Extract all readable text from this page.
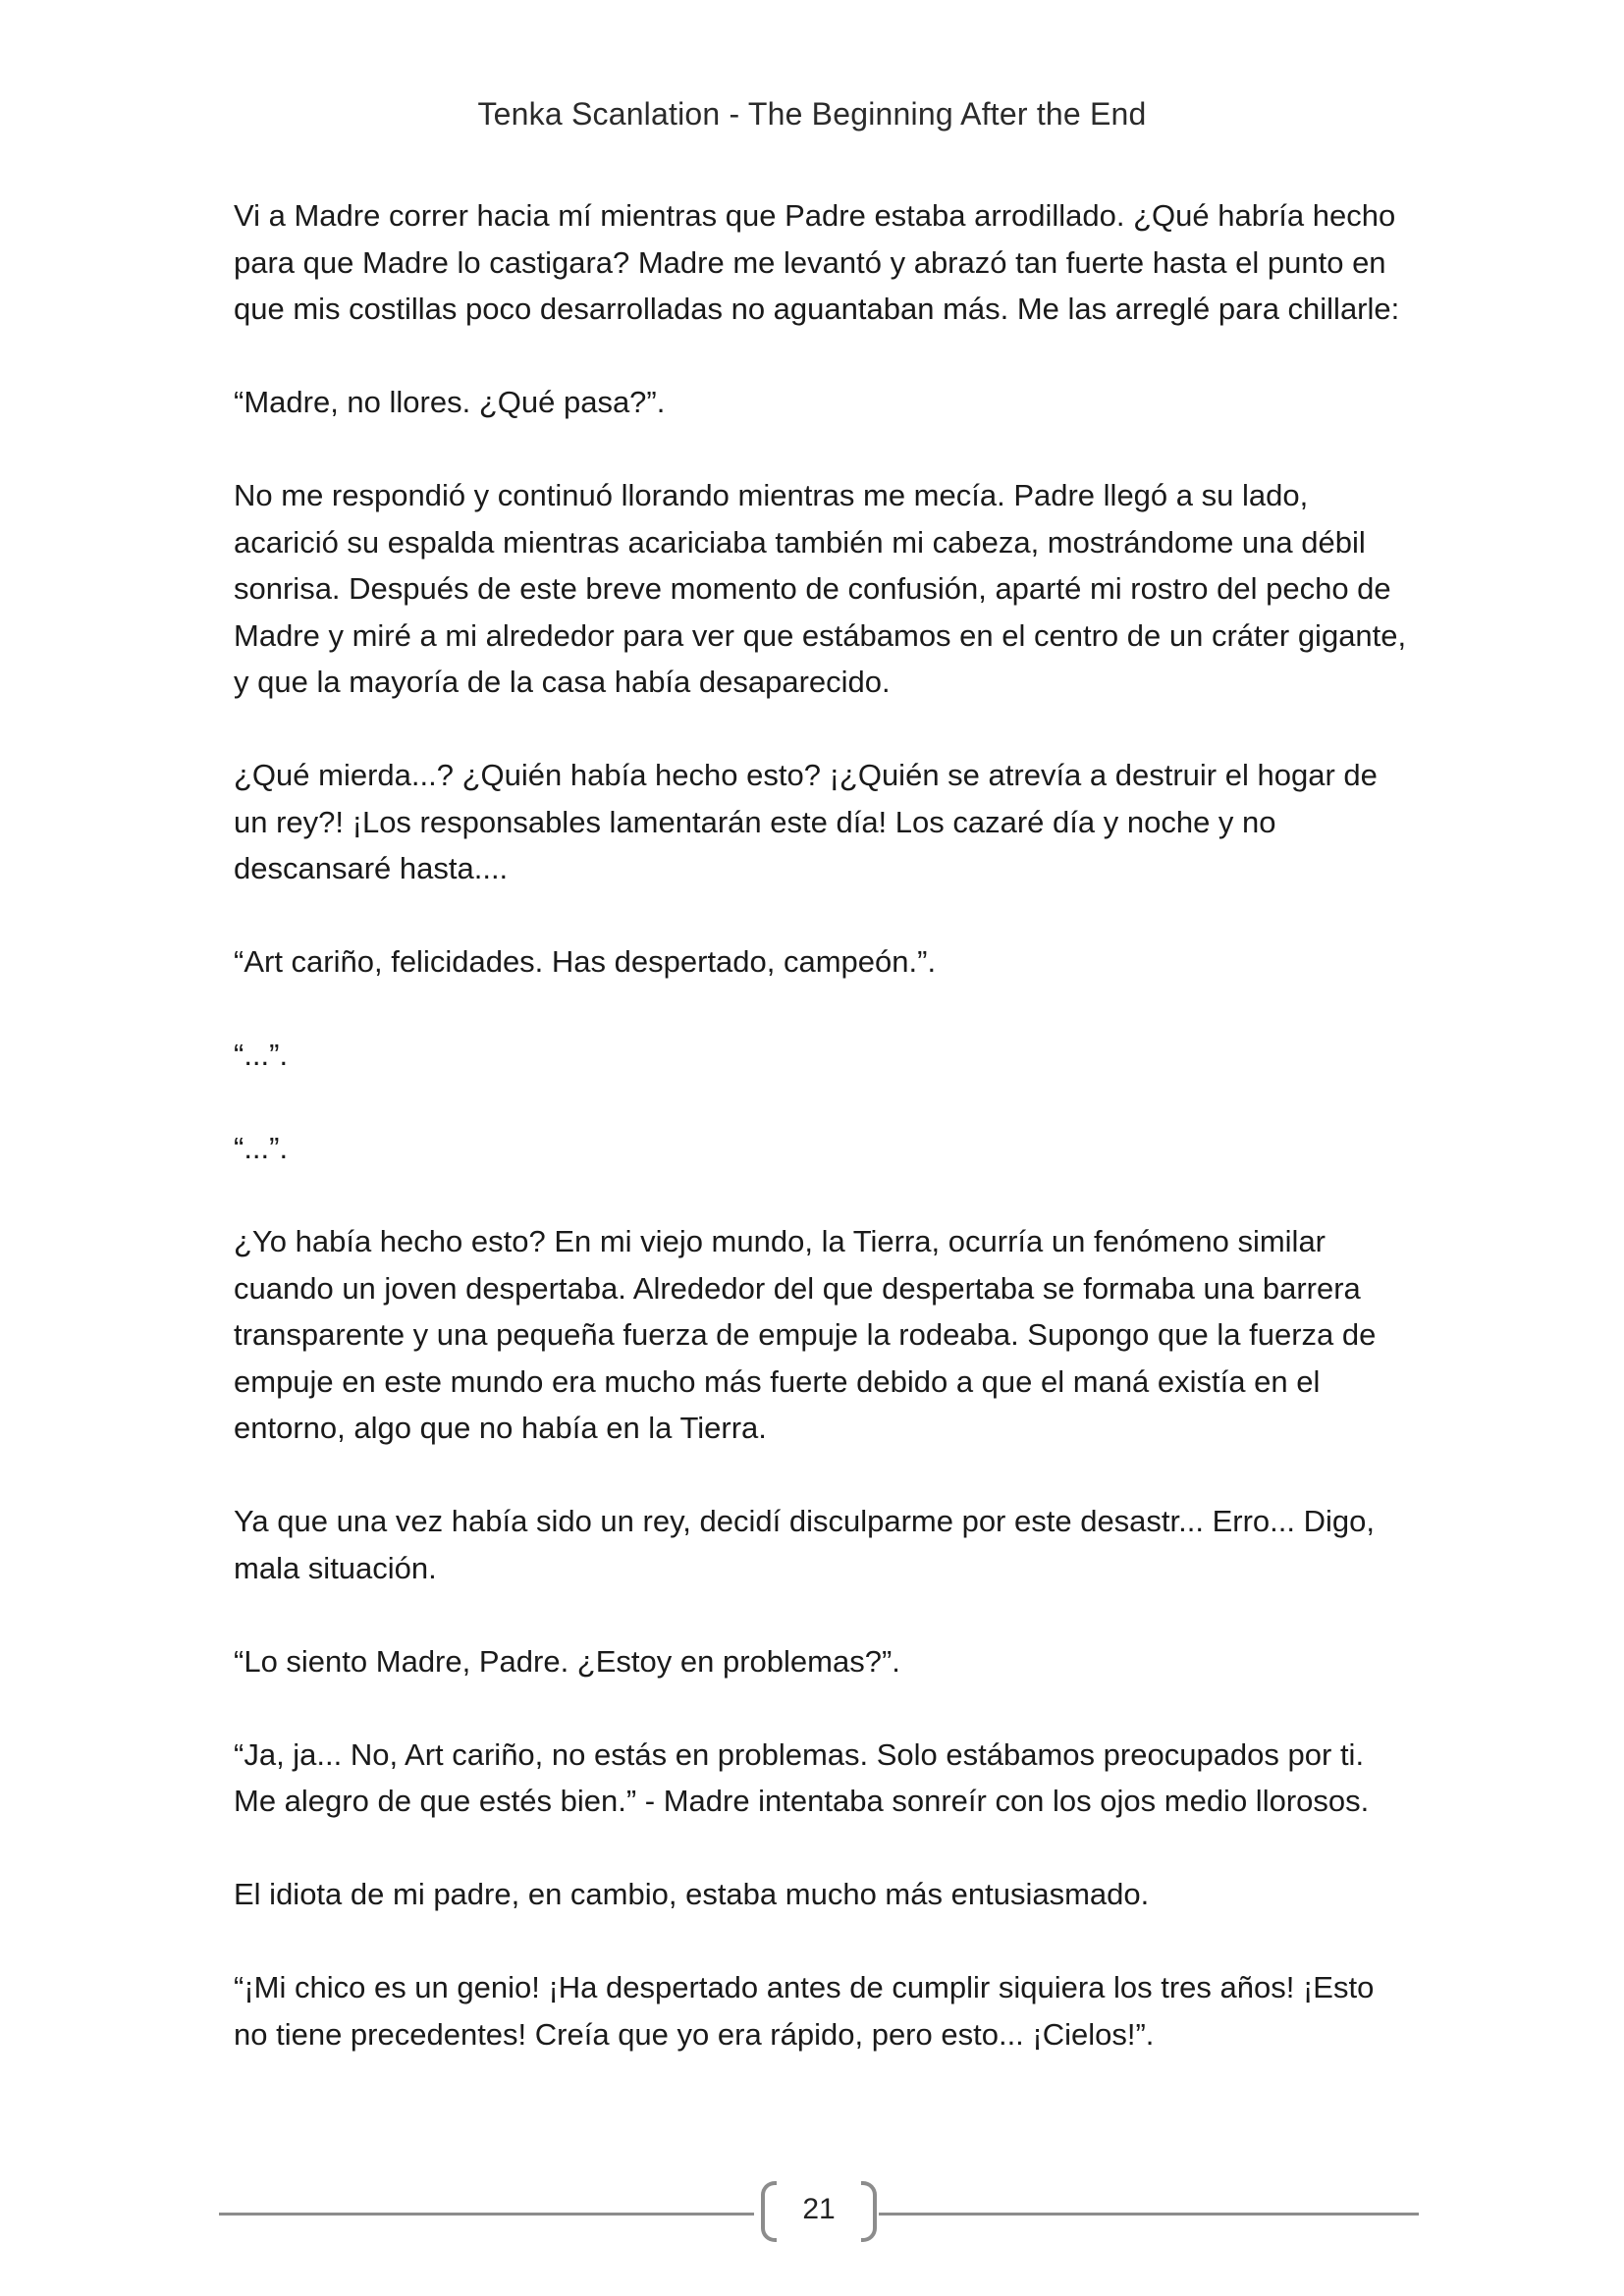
Tenka Scanlation - The Beginning After the End

Vi a Madre correr hacia mí mientras que Padre estaba arrodillado. ¿Qué habría hecho para que Madre lo castigara? Madre me levantó y abrazó tan fuerte hasta el punto en que mis costillas poco desarrolladas no aguantaban más. Me las arreglé para chillarle:

“Madre, no llores. ¿Qué pasa?”.

No me respondió y continuó llorando mientras me mecía. Padre llegó a su lado, acarició su espalda mientras acariciaba también mi cabeza, mostrándome una débil sonrisa. Después de este breve momento de confusión, aparté mi rostro del pecho de Madre y miré a mi alrededor para ver que estábamos en el centro de un cráter gigante, y que la mayoría de la casa había desaparecido.

¿Qué mierda...? ¿Quién había hecho esto? ¡¿Quién se atrevía a destruir el hogar de un rey?! ¡Los responsables lamentarán este día! Los cazaré día y noche y no descansaré hasta....

“Art cariño, felicidades. Has despertado, campeón.”.

“...”.

“...”.

¿Yo había hecho esto? En mi viejo mundo, la Tierra, ocurría un fenómeno similar cuando un joven despertaba. Alrededor del que despertaba se formaba una barrera transparente y una pequeña fuerza de empuje la rodeaba. Supongo que la fuerza de empuje en este mundo era mucho más fuerte debido a que el maná existía en el entorno, algo que no había en la Tierra.

Ya que una vez había sido un rey, decidí disculparme por este desastr... Erro... Digo, mala situación.

“Lo siento Madre, Padre. ¿Estoy en problemas?”.

“Ja, ja... No, Art cariño, no estás en problemas. Solo estábamos preocupados por ti. Me alegro de que estés bien.” - Madre intentaba sonreír con los ojos medio llorosos.

El idiota de mi padre, en cambio, estaba mucho más entusiasmado.

“¡Mi chico es un genio! ¡Ha despertado antes de cumplir siquiera los tres años! ¡Esto no tiene precedentes! Creía que yo era rápido, pero esto... ¡Cielos!”.

21
